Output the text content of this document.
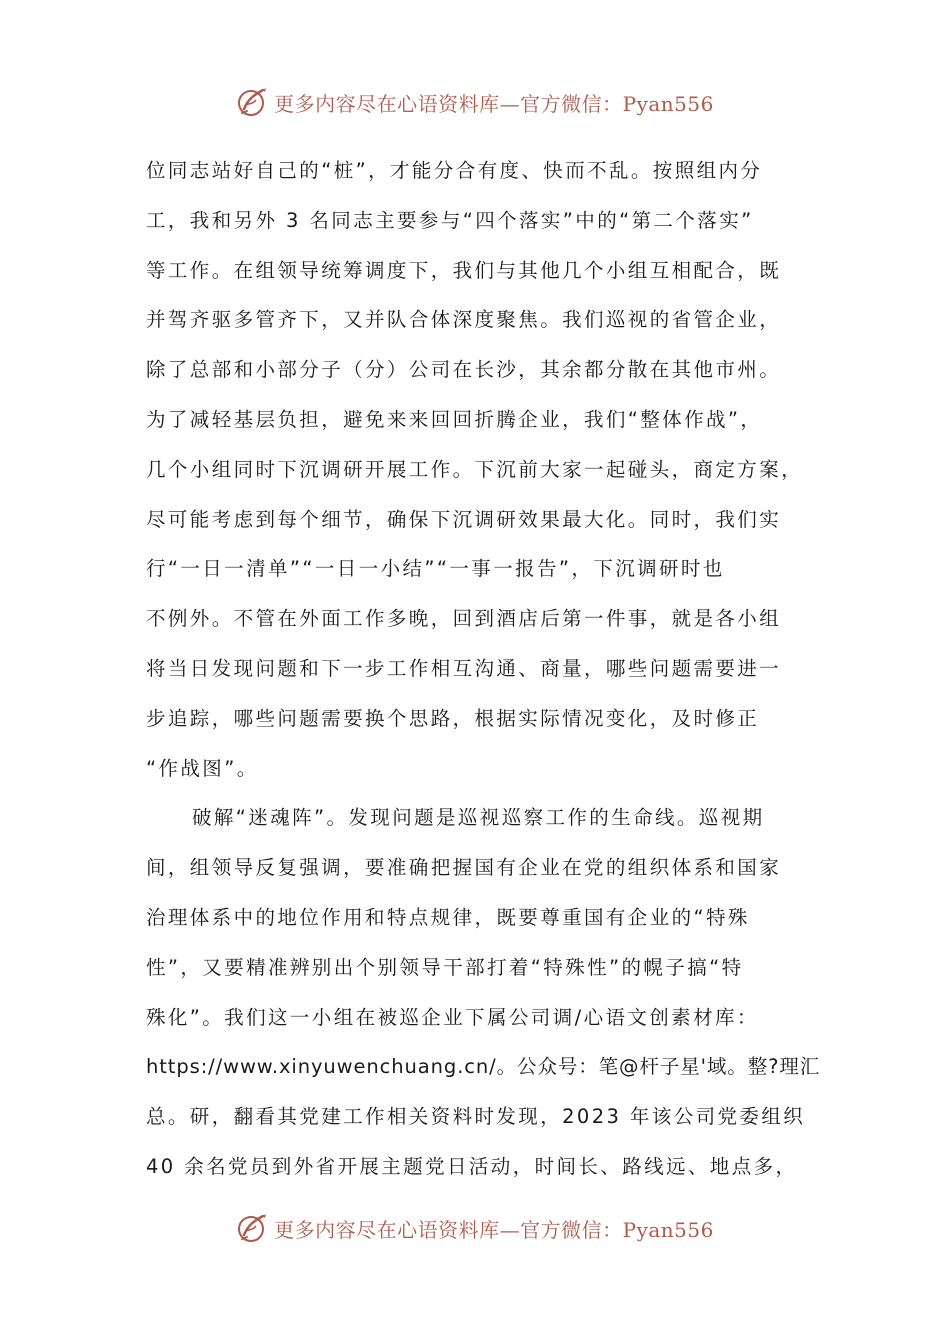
更多内容尽在心语资料库—官方微信：Pyan556
位同志站好自己的“桩”，才能分合有度、快而不乱。按照组内分
工，我和另外 3 名同志主要参与“四个落实”中的“第二个落实”
等工作。在组领导统筹调度下，我们与其他几个小组互相配合，既
并驾齐驱多管齐下，又并队合体深度聚焦。我们巡视的省管企业，
除了总部和小部分子（分）公司在长沙，其余都分散在其他市州。
为了减轻基层负担，避免来来回回折腾企业，我们“整体作战”，
几个小组同时下沉调研开展工作。下沉前大家一起碰头，商定方案，
尽可能考虑到每个细节，确保下沉调研效果最大化。同时，我们实
行“一日一清单”“一日一小结”“一事一报告”，下沉调研时也
不例外。不管在外面工作多晚，回到酒店后第一件事，就是各小组
将当日发现问题和下一步工作相互沟通、商量，哪些问题需要进一
步追踪，哪些问题需要换个思路，根据实际情况变化，及时修正
“作战图”。
破解“迷魂阵”。发现问题是巡视巡察工作的生命线。巡视期
间，组领导反复强调，要准确把握国有企业在党的组织体系和国家
治理体系中的地位作用和特点规律，既要尊重国有企业的“特殊
性”，又要精准辨别出个别领导干部打着“特殊性”的幌子搞“特
殊化”。我们这一小组在被巡企业下属公司调/心语文创素材库：
https://www.xinyuwenchuang.cn/。公众号：笔@杆子星'域。整?理汇
总。研，翻看其党建工作相关资料时发现，2023 年该公司党委组织
40 余名党员到外省开展主题党日活动，时间长、路线远、地点多，
更多内容尽在心语资料库—官方微信：Pyan556
